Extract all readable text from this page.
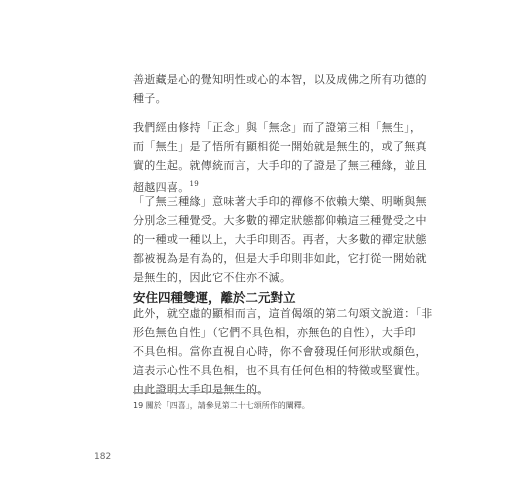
善逝藏是心的覺知明性或心的本智，以及成佛之所有功德的
種子。
我們經由修持「正念」與「無念」而了證第三相「無生」，
而「無生」是了悟所有顯相從一開始就是無生的，或了無真
實的生起。就傳統而言，大手印的了證是了無三種緣，並且
超越四喜。$^{19}$
「了無三種緣」意味著大手印的禪修不依賴大樂、明晰與無
分別念三種覺受。大多數的禪定狀態都仰賴這三種覺受之中
的一種或一種以上，大手印則否。再者，大多數的禪定狀態
都被視為是有為的，但是大手印則非如此，它打從一開始就
是無生的，因此它不住亦不滅。
安住四種雙運，離於二元對立
此外，就空虛的顯相而言，這首偈頌的第二句頌文說道：「非
形色無色自性」（它們不具色相，亦無色的自性），大手印
不具色相。當你直視自心時，你不會發現任何形狀或顏色，
這表示心性不具色相，也不具有任何色相的特徵或堅實性。
由此證明大手印是無生的。

19 關於「四喜」，請參見第二十七頌所作的闡釋。

182
